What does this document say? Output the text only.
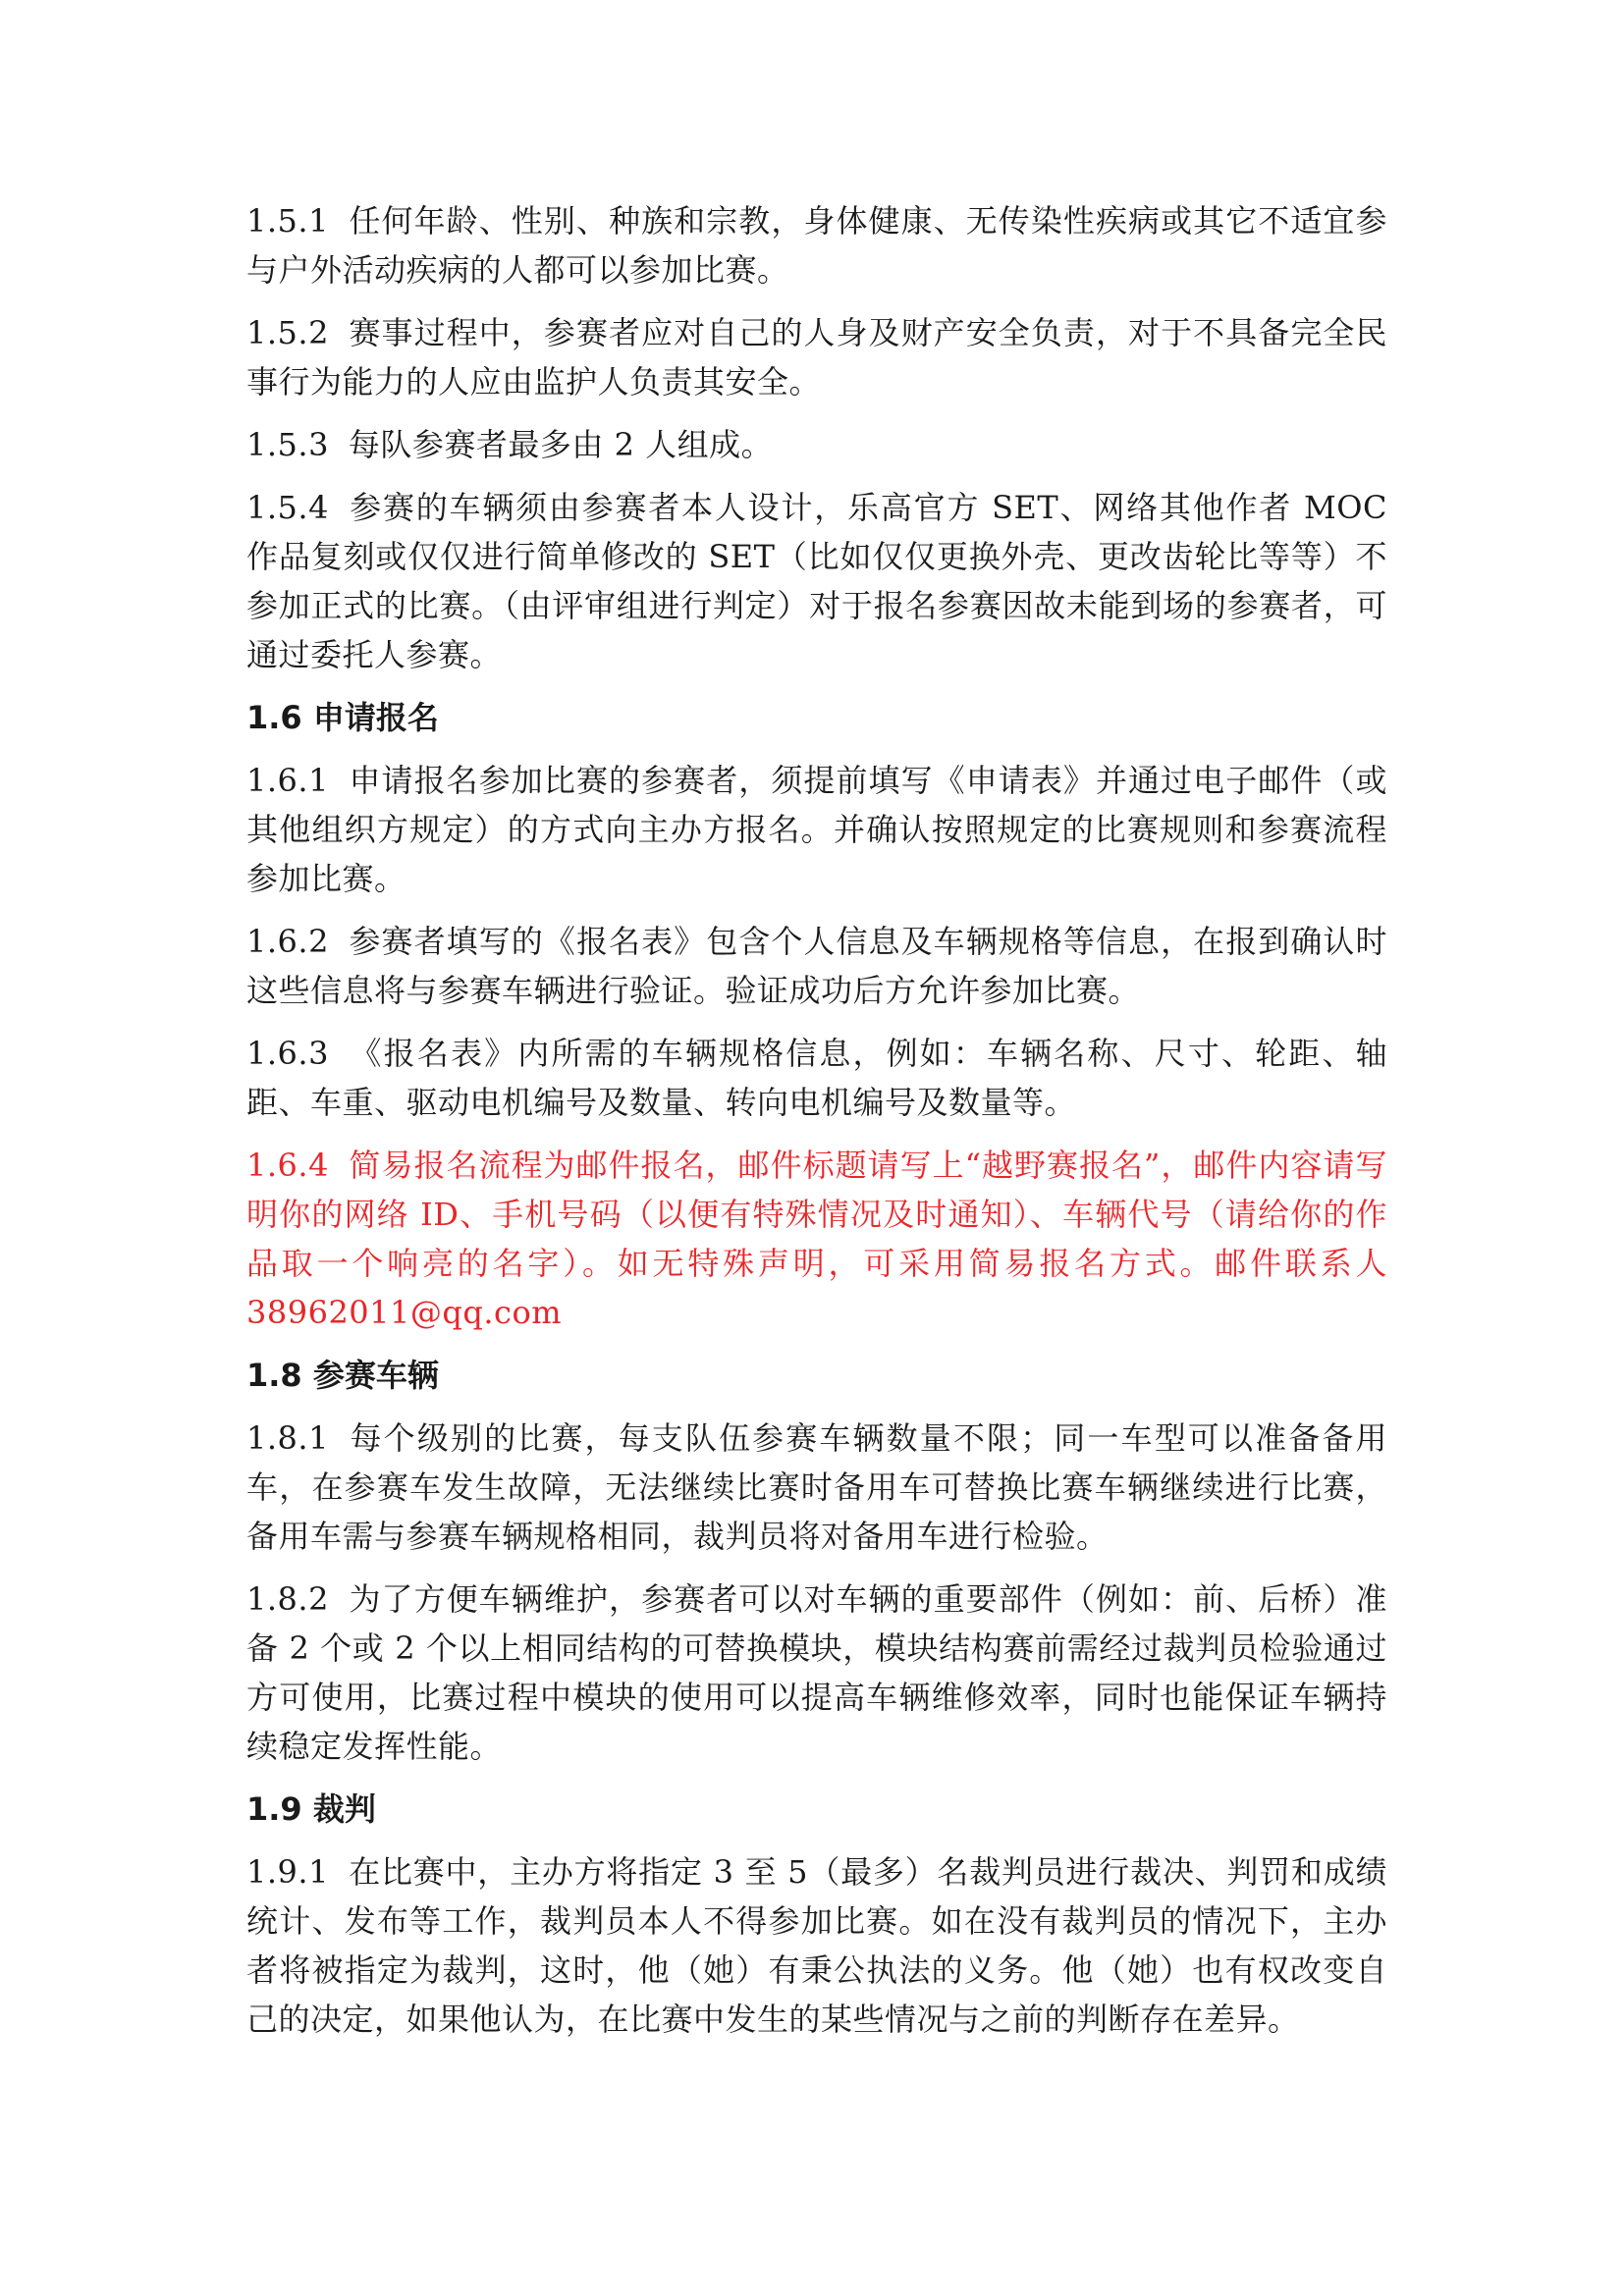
1.5.1 任何年龄、性别、种族和宗教，身体健康、无传染性疾病或其它不适宜参与户外活动疾病的人都可以参加比赛。

1.5.2 赛事过程中，参赛者应对自己的人身及财产安全负责，对于不具备完全民事行为能力的人应由监护人负责其安全。

1.5.3 每队参赛者最多由 2 人组成。

1.5.4 参赛的车辆须由参赛者本人设计，乐高官方 SET、网络其他作者 MOC 作品复刻或仅仅进行简单修改的 SET（比如仅仅更换外壳、更改齿轮比等等）不参加正式的比赛。（由评审组进行判定）对于报名参赛因故未能到场的参赛者，可通过委托人参赛。

1.6 申请报名

1.6.1 申请报名参加比赛的参赛者，须提前填写《申请表》并通过电子邮件（或其他组织方规定）的方式向主办方报名。并确认按照规定的比赛规则和参赛流程参加比赛。

1.6.2 参赛者填写的《报名表》包含个人信息及车辆规格等信息，在报到确认时这些信息将与参赛车辆进行验证。验证成功后方允许参加比赛。

1.6.3 《报名表》内所需的车辆规格信息，例如：车辆名称、尺寸、轮距、轴距、车重、驱动电机编号及数量、转向电机编号及数量等。

1.6.4 简易报名流程为邮件报名，邮件标题请写上“越野赛报名”，邮件内容请写明你的网络 ID、手机号码（以便有特殊情况及时通知）、车辆代号（请给你的作品取一个响亮的名字）。如无特殊声明，可采用简易报名方式。邮件联系人 38962011@qq.com

1.8 参赛车辆

1.8.1 每个级别的比赛，每支队伍参赛车辆数量不限；同一车型可以准备备用车，在参赛车发生故障，无法继续比赛时备用车可替换比赛车辆继续进行比赛，备用车需与参赛车辆规格相同，裁判员将对备用车进行检验。

1.8.2 为了方便车辆维护，参赛者可以对车辆的重要部件（例如：前、后桥）准备 2 个或 2 个以上相同结构的可替换模块，模块结构赛前需经过裁判员检验通过方可使用，比赛过程中模块的使用可以提高车辆维修效率，同时也能保证车辆持续稳定发挥性能。

1.9 裁判

1.9.1 在比赛中，主办方将指定 3 至 5（最多）名裁判员进行裁决、判罚和成绩统计、发布等工作，裁判员本人不得参加比赛。如在没有裁判员的情况下，主办者将被指定为裁判，这时，他（她）有秉公执法的义务。他（她）也有权改变自己的决定，如果他认为，在比赛中发生的某些情况与之前的判断存在差异。
